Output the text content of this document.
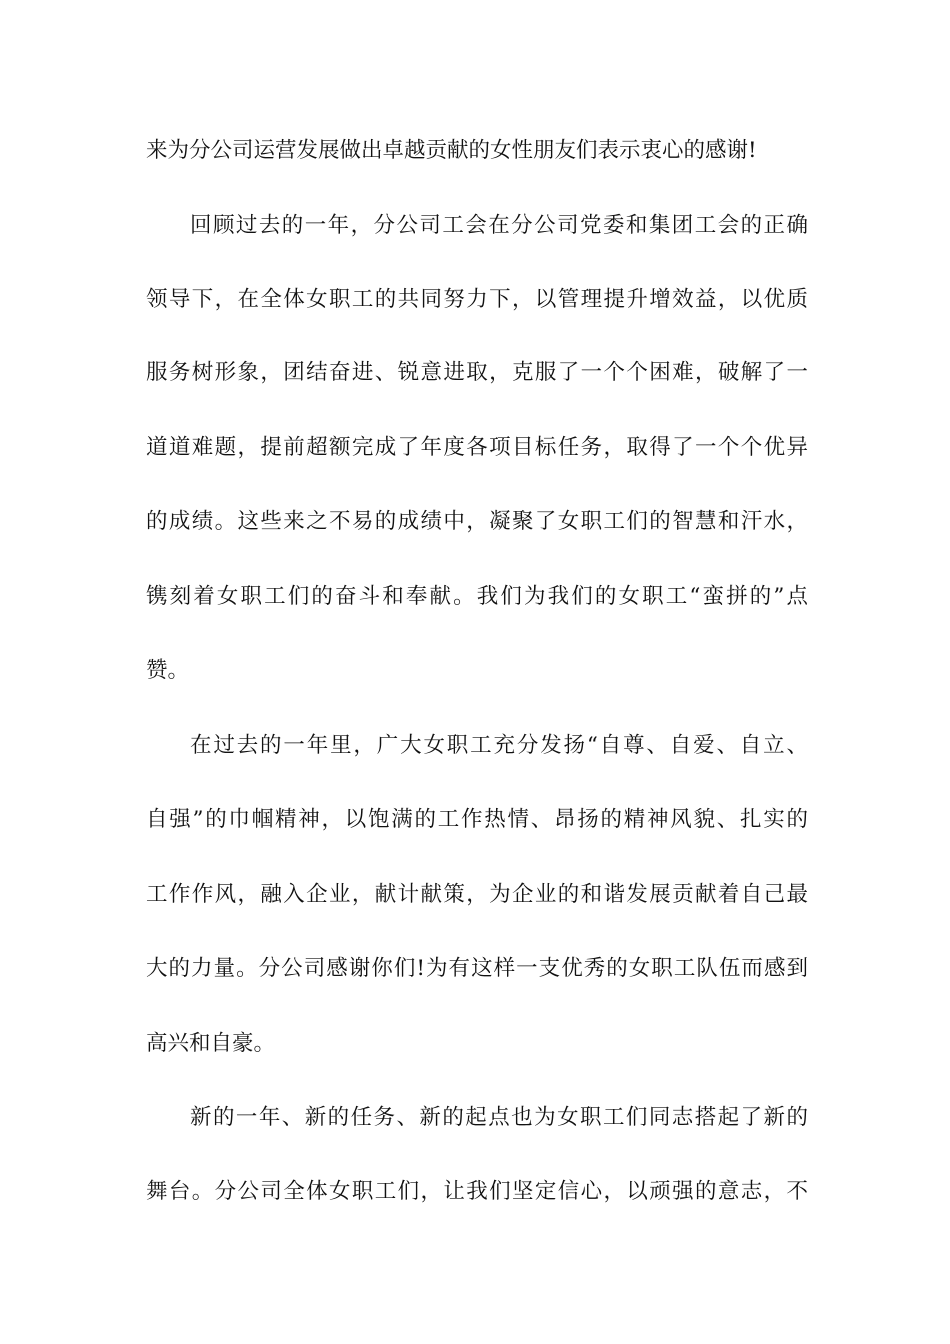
来为分公司运营发展做出卓越贡献的女性朋友们表示衷心的感谢!
回顾过去的一年，分公司工会在分公司党委和集团工会的正确
领导下，在全体女职工的共同努力下，以管理提升增效益，以优质
服务树形象，团结奋进、锐意进取，克服了一个个困难，破解了一
道道难题，提前超额完成了年度各项目标任务，取得了一个个优异
的成绩。这些来之不易的成绩中，凝聚了女职工们的智慧和汗水，
镌刻着女职工们的奋斗和奉献。我们为我们的女职工“蛮拼的”点
赞。
在过去的一年里，广大女职工充分发扬“自尊、自爱、自立、
自强”的巾帼精神，以饱满的工作热情、昂扬的精神风貌、扎实的
工作作风，融入企业，献计献策，为企业的和谐发展贡献着自己最
大的力量。分公司感谢你们!为有这样一支优秀的女职工队伍而感到
高兴和自豪。
新的一年、新的任务、新的起点也为女职工们同志搭起了新的
舞台。分公司全体女职工们，让我们坚定信心，以顽强的意志，不
